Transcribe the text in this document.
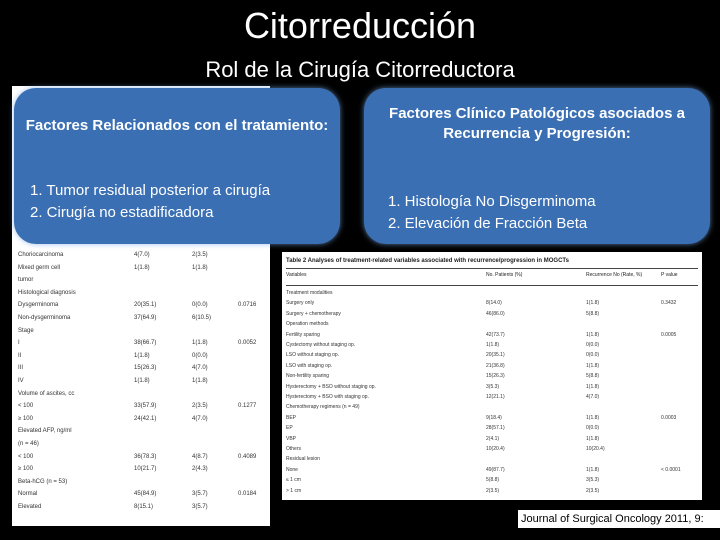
Citorreducción
Rol de la Cirugía Citorreductora
Choriocarcinoma	4(7.0)	2(3.5)
Mixed germ cell	1(1.8)	1(1.8)
tumor
Histological diagnosis
Dysgerminoma	20(35.1)	0(0.0)	0.0716
Non-dysgerminoma	37(64.9)	6(10.5)
Stage
I	38(66.7)	1(1.8)	0.0052
II	1(1.8)	0(0.0)
III	15(26.3)	4(7.0)
IV	1(1.8)	1(1.8)
Volume of ascites, cc
< 100	33(57.9)	2(3.5)	0.1277
≥ 100	24(42.1)	4(7.0)
Elevated AFP, ng/ml
(n = 46)
< 100	36(78.3)	4(8.7)	0.4089
≥ 100	10(21.7)	2(4.3)
Beta-hCG (n = 53)
Normal	45(84.9)	3(5.7)	0.0184
Elevated	8(15.1)	3(5.7)
Table 2 Analyses of treatment-related variables associated with recurrence/progression in MOGCTs
Variables	No. Patients (%)	Recurrence No (Rate, %)	P value
Treatment modalities
Surgery only	8(14.0)	1(1.8)	0.3432
Surgery + chemotherapy	46(86.0)	5(8.8)
Operation methods
Fertility sparing	42(73.7)	1(1.8)	0.0005
Cystectomy without staging op.	1(1.8)	0(0.0)
LSO without staging op.	20(35.1)	0(0.0)
LSO with staging op.	21(36.8)	1(1.8)
Non-fertility sparing	15(26.3)	5(8.8)
Hysterectomy + BSO without staging op.	3(5.3)	1(1.8)
Hysterectomy + BSO with staging op.	12(21.1)	4(7.0)
Chemotherapy regimens (n = 49)
BEP	9(18.4)	1(1.8)	0.0003
EP	28(57.1)	0(0.0)
VBP	2(4.1)	1(1.8)
Others	10(20.4)	10(20.4)
Residual lesion
None	49(87.7)	1(1.8)	< 0.0001
≤ 1 cm	5(8.8)	3(5.3)
> 1 cm	2(3.5)	2(3.5)
Factores Relacionados con el tratamiento:
1. Tumor residual posterior a cirugía
2. Cirugía no estadificadora
Factores Clínico Patológicos asociados a Recurrencia y Progresión:
1. Histología No Disgerminoma
2. Elevación de Fracción Beta
Journal of Surgical Oncology 2011, 9:
